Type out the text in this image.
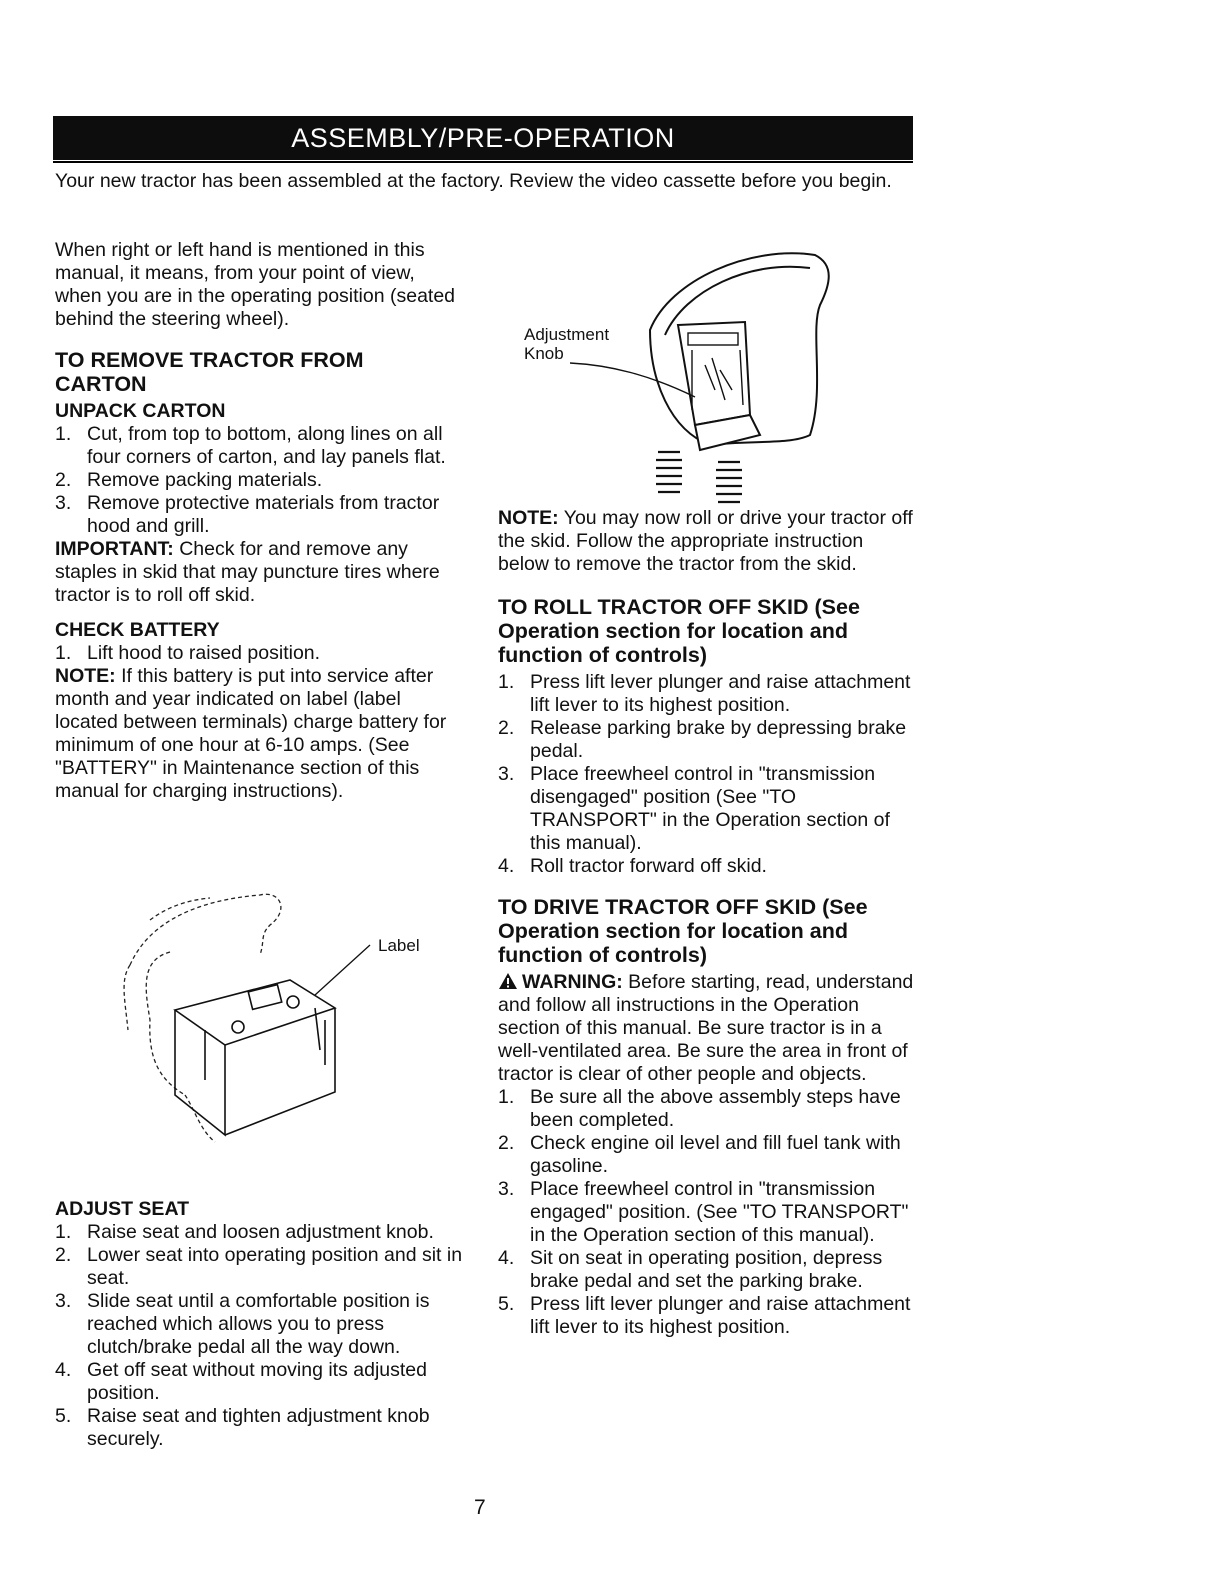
ASSEMBLY/PRE-OPERATION

Your new tractor has been assembled at the factory. Review the video cassette before you begin.

When right or left hand is mentioned in this manual, it means, from your point of view, when you are in the operating position (seated behind the steering wheel).

TO REMOVE TRACTOR FROM CARTON

UNPACK CARTON

1. Cut, from top to bottom, along lines on all four corners of carton, and lay panels flat.
2. Remove packing materials.
3. Remove protective materials from tractor hood and grill.

IMPORTANT: Check for and remove any staples in skid that may puncture tires where tractor is to roll off skid.

CHECK BATTERY

1. Lift hood to raised position.

NOTE: If this battery is put into service after month and year indicated on label (label located between terminals) charge battery for minimum of one hour at 6-10 amps. (See "BATTERY" in Maintenance section of this manual for charging instructions).

Label

ADJUST SEAT

1. Raise seat and loosen adjustment knob.
2. Lower seat into operating position and sit in seat.
3. Slide seat until a comfortable position is reached which allows you to press clutch/brake pedal all the way down.
4. Get off seat without moving its adjusted position.
5. Raise seat and tighten adjustment knob securely.
Adjustment Knob

NOTE: You may now roll or drive your tractor off the skid. Follow the appropriate instruction below to remove the tractor from the skid.

TO ROLL TRACTOR OFF SKID (See Operation section for location and function of controls)

1. Press lift lever plunger and raise attachment lift lever to its highest position.
2. Release parking brake by depressing brake pedal.
3. Place freewheel control in "transmission disengaged" position (See "TO TRANSPORT" in the Operation section of this manual).
4. Roll tractor forward off skid.

TO DRIVE TRACTOR OFF SKID (See Operation section for location and function of controls)

WARNING: Before starting, read, understand and follow all instructions in the Operation section of this manual. Be sure tractor is in a well-ventilated area. Be sure the area in front of tractor is clear of other people and objects.

1. Be sure all the above assembly steps have been completed.
2. Check engine oil level and fill fuel tank with gasoline.
3. Place freewheel control in "transmission engaged" position. (See "TO TRANSPORT" in the Operation section of this manual).
4. Sit on seat in operating position, depress brake pedal and set the parking brake.
5. Press lift lever plunger and raise attachment lift lever to its highest position.
7
